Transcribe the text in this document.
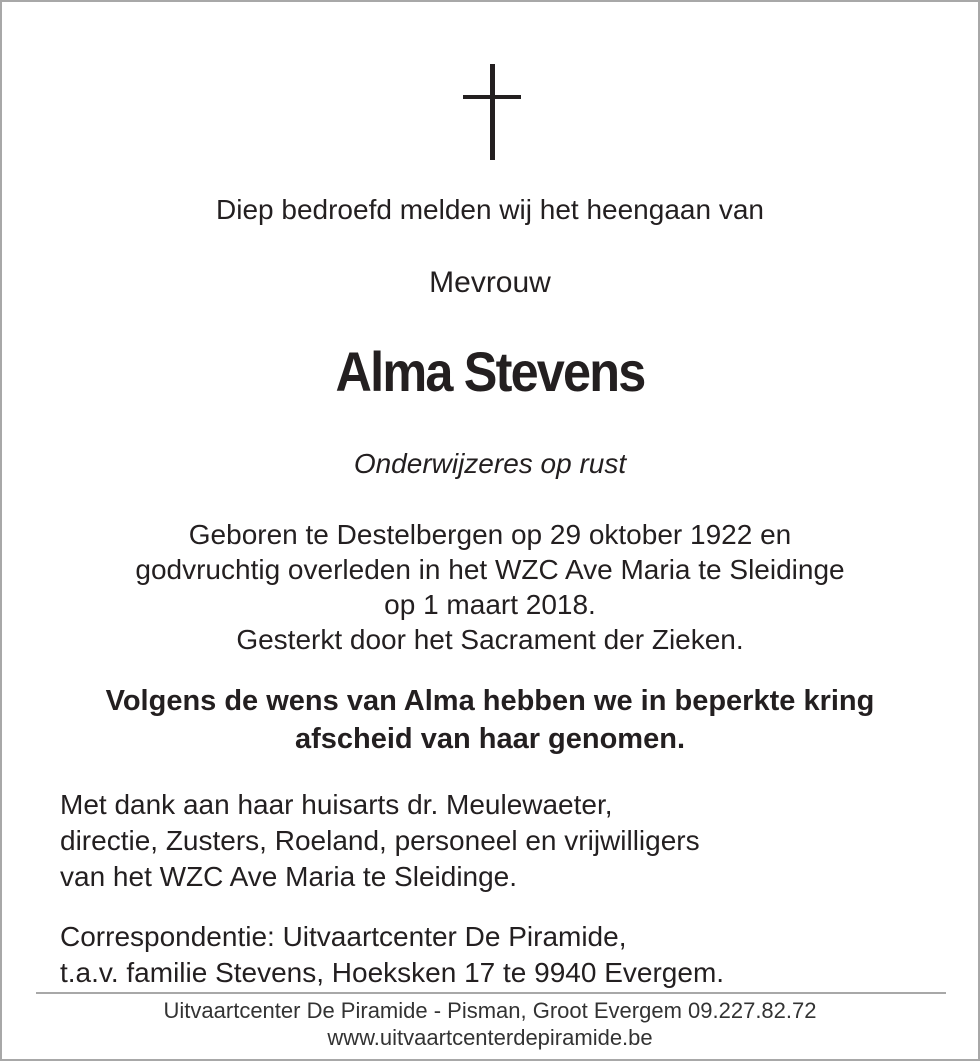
Diep bedroefd melden wij het heengaan van
Mevrouw
Alma Stevens
Onderwijzeres op rust
Geboren te Destelbergen op 29 oktober 1922 en
godvruchtig overleden in het WZC Ave Maria te Sleidinge
op 1 maart 2018.
Gesterkt door het Sacrament der Zieken.
Volgens de wens van Alma hebben we in beperkte kring
afscheid van haar genomen.
Met dank aan haar huisarts dr. Meulewaeter,
directie, Zusters, Roeland, personeel en vrijwilligers
van het WZC Ave Maria te Sleidinge.
Correspondentie: Uitvaartcenter De Piramide,
t.a.v. familie Stevens, Hoeksken 17 te 9940 Evergem.
Uitvaartcenter De Piramide - Pisman, Groot Evergem 09.227.82.72
www.uitvaartcenterdepiramide.be
